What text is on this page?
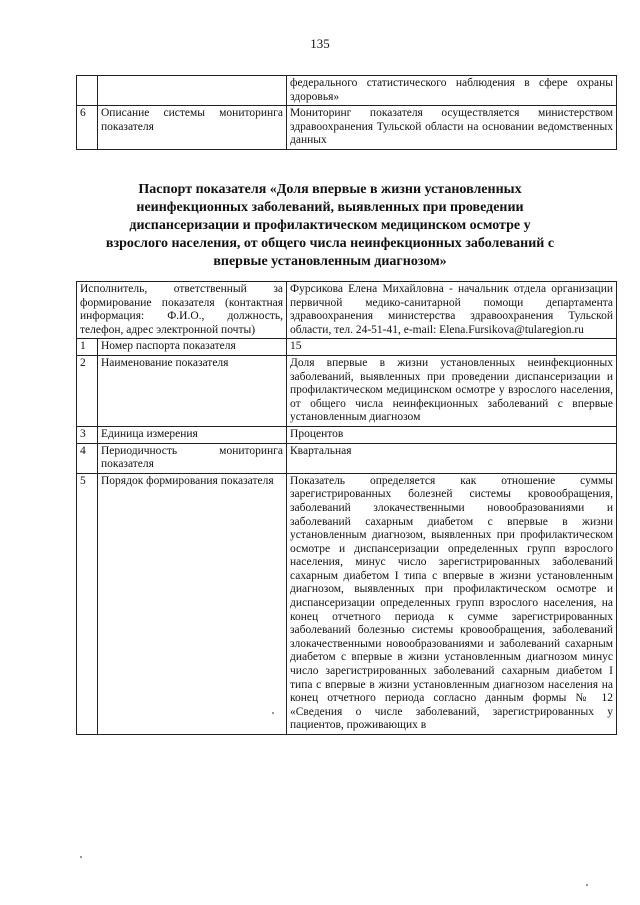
135
		федерального статистического наблюдения в сфере охраны здоровья»
6	Описание системы мониторинга показателя	Мониторинг показателя осуществляется министерством здравоохранения Тульской области на основании ведомственных данных
Паспорт показателя «Доля впервые в жизни установленных неинфекционных заболеваний, выявленных при проведении диспансеризации и профилактическом медицинском осмотре у взрослого населения, от общего числа неинфекционных заболеваний с впервые установленным диагнозом»
Исполнитель, ответственный за формирование показателя (контактная информация: Ф.И.О., должность, телефон, адрес электронной почты)		Фурсикова Елена Михайловна - начальник отдела организации первичной медико-санитарной помощи департамента здравоохранения министерства здравоохранения Тульской области, тел. 24-51-41, e-mail: Elena.Fursikova@tularegion.ru
1	Номер паспорта показателя	15
2	Наименование показателя	Доля впервые в жизни установленных неинфекционных заболеваний, выявленных при проведении диспансеризации и профилактическом медицинском осмотре у взрослого населения, от общего числа неинфекционных заболеваний с впервые установленным диагнозом
3	Единица измерения	Процентов
4	Периодичность мониторинга показателя	Квартальная
5	Порядок формирования показателя	Показатель определяется как отношение суммы зарегистрированных болезней системы кровообращения, заболеваний злокачественными новообразованиями и заболеваний сахарным диабетом с впервые в жизни установленным диагнозом, выявленных при профилактическом осмотре и диспансеризации определенных групп взрослого населения, минус число зарегистрированных заболеваний сахарным диабетом I типа с впервые в жизни установленным диагнозом, выявленных при профилактическом осмотре и диспансеризации определенных групп взрослого населения, на конец отчетного периода к сумме зарегистрированных заболеваний болезнью системы кровообращения, заболеваний злокачественными новообразованиями и заболеваний сахарным диабетом с впервые в жизни установленным диагнозом минус число зарегистрированных заболеваний сахарным диабетом I типа с впервые в жизни установленным диагнозом населения на конец отчетного периода согласно данным формы № 12 «Сведения о числе заболеваний, зарегистрированных у пациентов, проживающих в
